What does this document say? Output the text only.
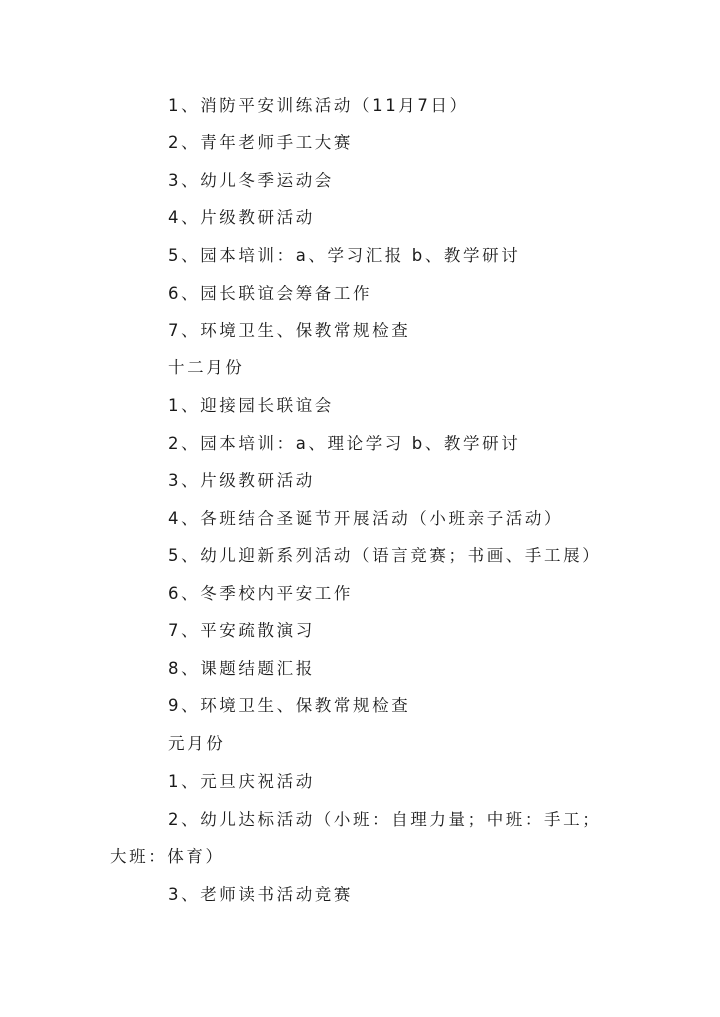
1、消防平安训练活动（11月7日）
2、青年老师手工大赛
3、幼儿冬季运动会
4、片级教研活动
5、园本培训：a、学习汇报 b、教学研讨
6、园长联谊会筹备工作
7、环境卫生、保教常规检查
十二月份
1、迎接园长联谊会
2、园本培训：a、理论学习 b、教学研讨
3、片级教研活动
4、各班结合圣诞节开展活动（小班亲子活动）
5、幼儿迎新系列活动（语言竞赛；书画、手工展）
6、冬季校内平安工作
7、平安疏散演习
8、课题结题汇报
9、环境卫生、保教常规检查
元月份
1、元旦庆祝活动
2、幼儿达标活动（小班：自理力量；中班：手工；
大班：体育）
3、老师读书活动竞赛
